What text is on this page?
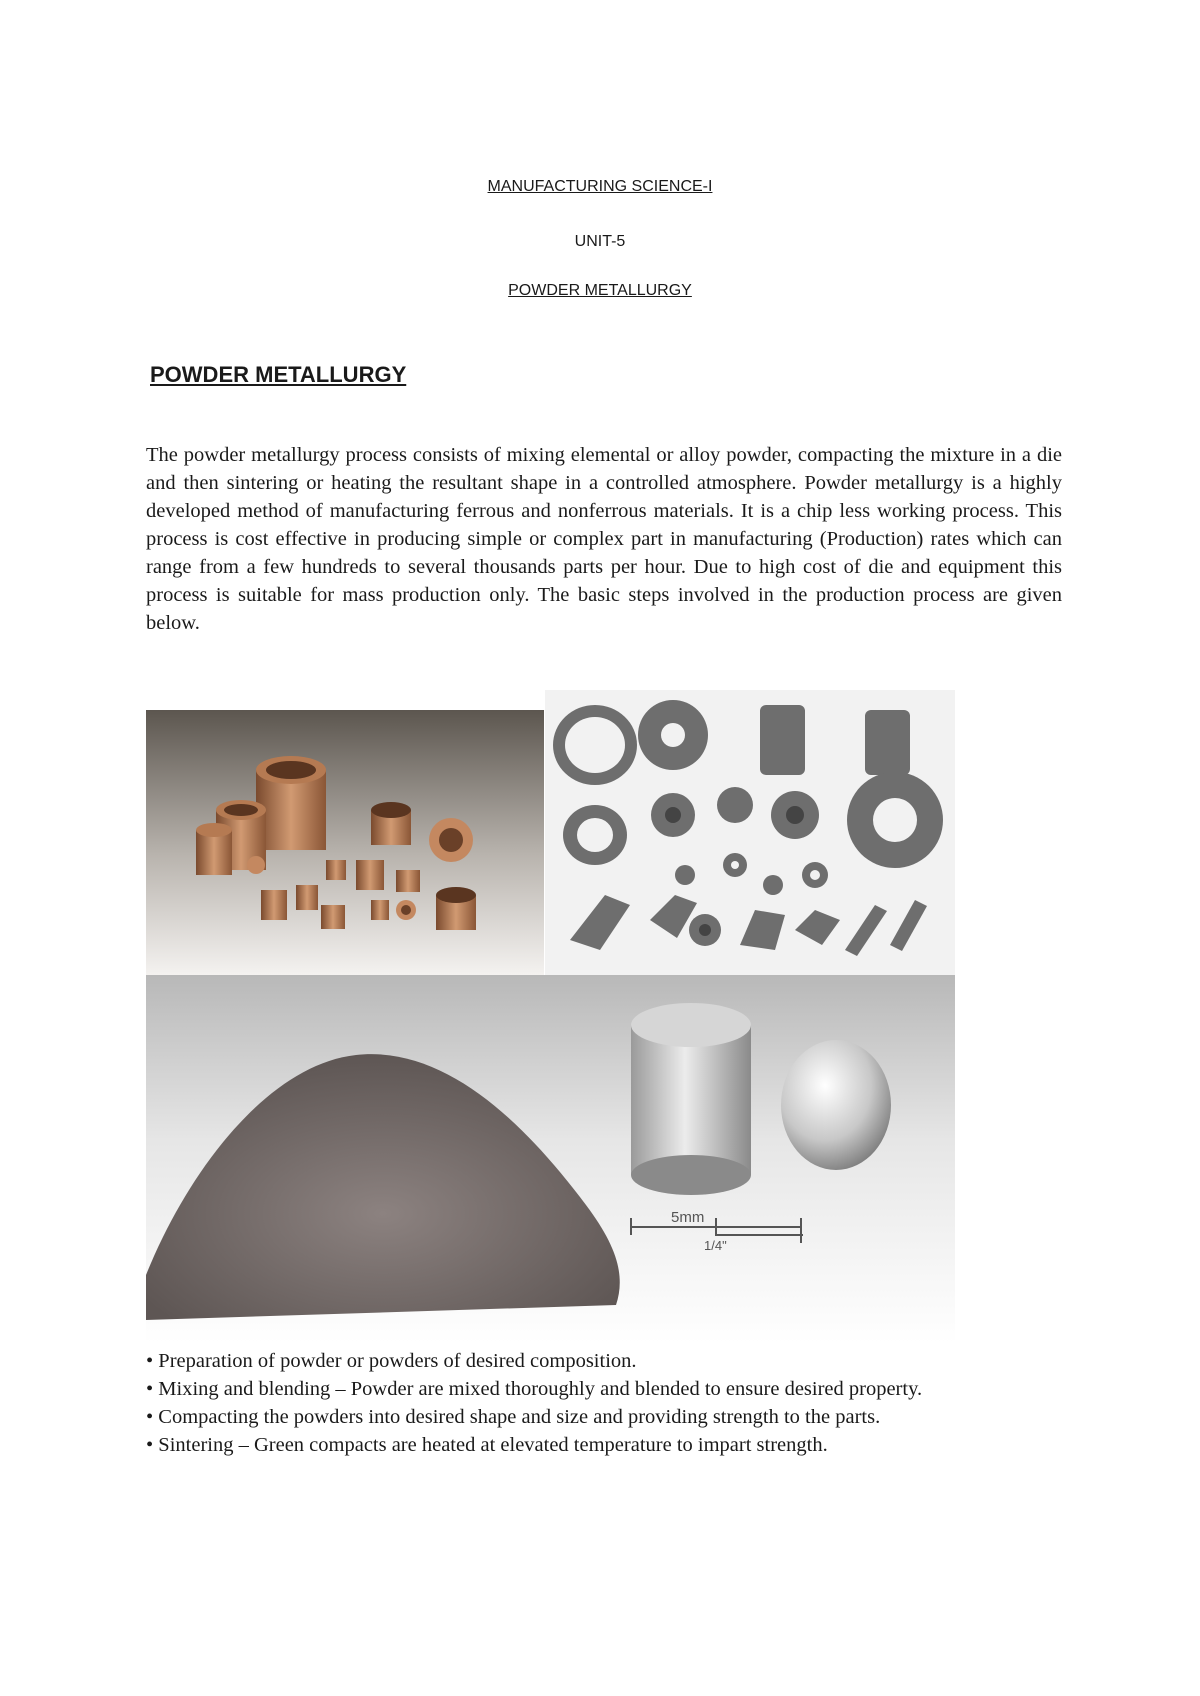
MANUFACTURING SCIENCE-I
UNIT-5
POWDER METALLURGY
POWDER METALLURGY
The powder metallurgy process consists of mixing elemental or alloy powder, compacting the mixture in a die and then sintering or heating the resultant shape in a controlled atmosphere. Powder metallurgy is a highly developed method of manufacturing ferrous and nonferrous materials. It is a chip less working process. This process is cost effective in producing simple or complex part in manufacturing (Production) rates which can range from a few hundreds to several thousands parts per hour. Due to high cost of die and equipment this process is suitable for mass production only. The basic steps involved in the production process are given below.
5mm
1/4"

• Preparation of powder or powders of desired composition.

• Mixing and blending – Powder are mixed thoroughly and blended to ensure desired property.

• Compacting the powders into desired shape and size and providing strength to the parts.

• Sintering – Green compacts are heated at elevated temperature to impart strength.
